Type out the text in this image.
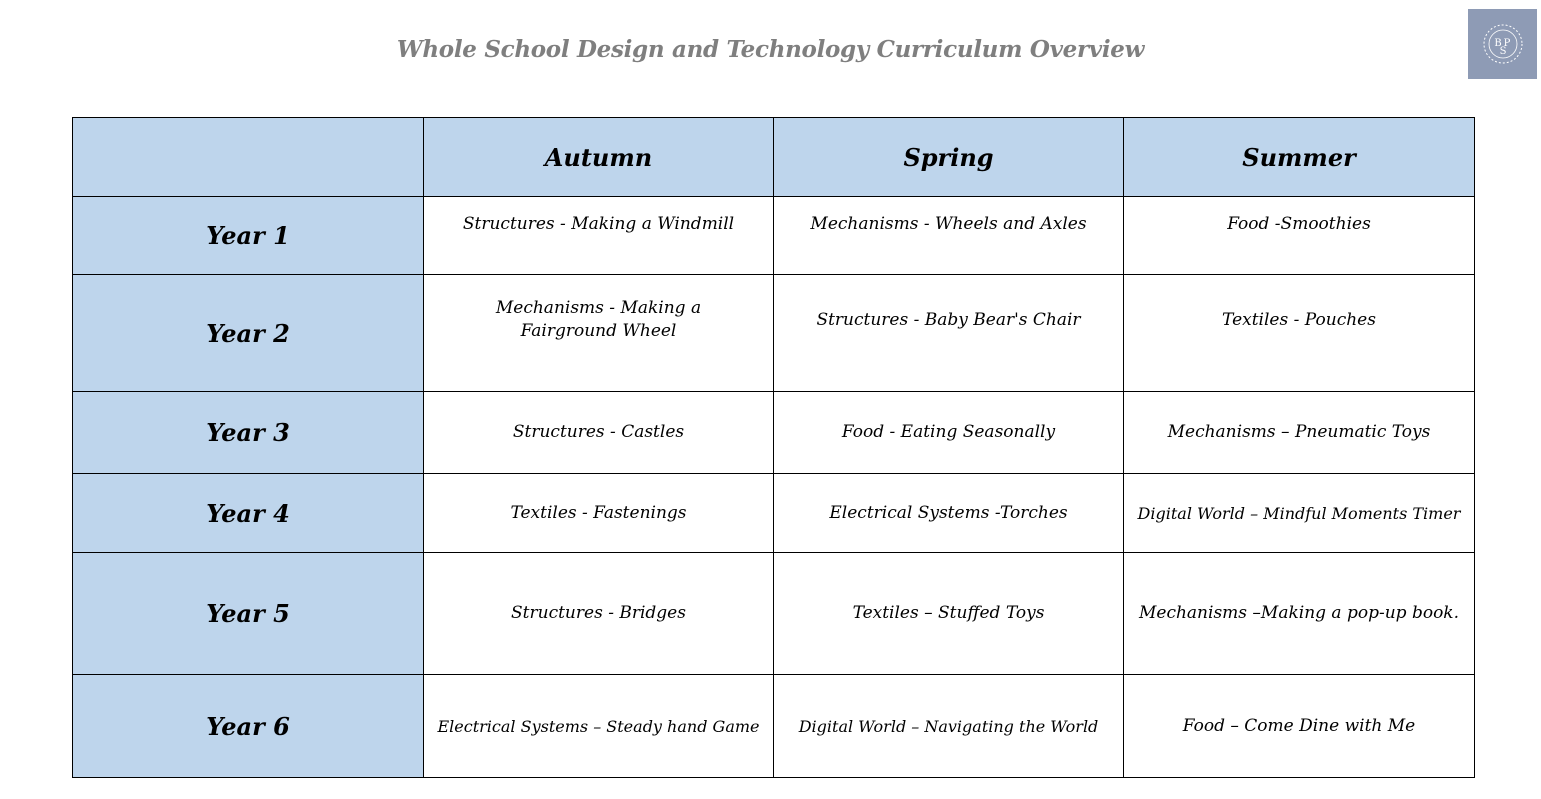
Whole School Design and Technology Curriculum Overview	B P
S
	Autumn	Spring	Summer
Year 1	Structures - Making a Windmill	Mechanisms - Wheels and Axles	Food -Smoothies
Year 2	Mechanisms - Making a Fairground Wheel	Structures - Baby Bear's Chair	Textiles - Pouches
Year 3	Structures - Castles	Food - Eating Seasonally	Mechanisms – Pneumatic Toys
Year 4	Textiles - Fastenings	Electrical Systems -Torches	Digital World – Mindful Moments Timer
Year 5	Structures - Bridges	Textiles – Stuffed Toys	Mechanisms –Making a pop-up book.
Year 6	Electrical Systems – Steady hand Game	Digital World – Navigating the World	Food – Come Dine with Me
